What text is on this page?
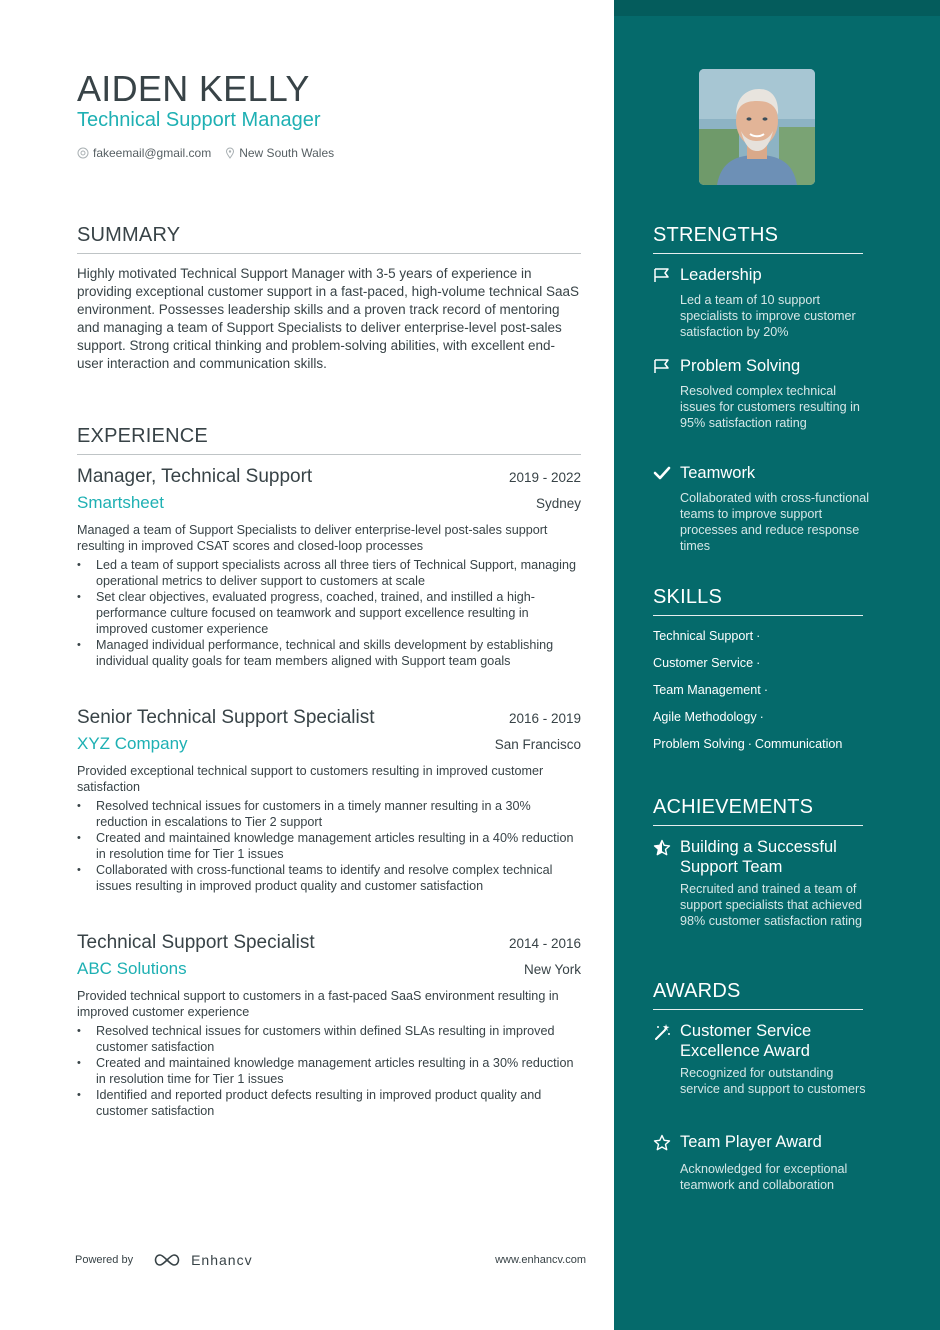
AIDEN KELLY
Technical Support Manager
fakeemail@gmail.com New South Wales
SUMMARY
Highly motivated Technical Support Manager with 3-5 years of experience in providing exceptional customer support in a fast-paced, high-volume technical SaaS environment. Possesses leadership skills and a proven track record of mentoring and managing a team of Support Specialists to deliver enterprise-level post-sales support. Strong critical thinking and problem-solving abilities, with excellent end-user interaction and communication skills.
EXPERIENCE
Manager, Technical Support	2019 - 2022
Smartsheet	Sydney
Managed a team of Support Specialists to deliver enterprise-level post-sales support resulting in improved CSAT scores and closed-loop processes
• Led a team of support specialists across all three tiers of Technical Support, managing operational metrics to deliver support to customers at scale
• Set clear objectives, evaluated progress, coached, trained, and instilled a high-performance culture focused on teamwork and support excellence resulting in improved customer experience
• Managed individual performance, technical and skills development by establishing individual quality goals for team members aligned with Support team goals
Senior Technical Support Specialist	2016 - 2019
XYZ Company	San Francisco
Provided exceptional technical support to customers resulting in improved customer satisfaction
• Resolved technical issues for customers in a timely manner resulting in a 30% reduction in escalations to Tier 2 support
• Created and maintained knowledge management articles resulting in a 40% reduction in resolution time for Tier 1 issues
• Collaborated with cross-functional teams to identify and resolve complex technical issues resulting in improved product quality and customer satisfaction
Technical Support Specialist	2014 - 2016
ABC Solutions	New York
Provided technical support to customers in a fast-paced SaaS environment resulting in improved customer experience
• Resolved technical issues for customers within defined SLAs resulting in improved customer satisfaction
• Created and maintained knowledge management articles resulting in a 30% reduction in resolution time for Tier 1 issues
• Identified and reported product defects resulting in improved product quality and customer satisfaction
Powered by	Enhancv	www.enhancv.com
STRENGTHS
Leadership
Led a team of 10 support specialists to improve customer satisfaction by 20%
Problem Solving
Resolved complex technical issues for customers resulting in 95% satisfaction rating
Teamwork
Collaborated with cross-functional teams to improve support processes and reduce response times
SKILLS
Technical Support ·
Customer Service ·
Team Management ·
Agile Methodology ·
Problem Solving · Communication
ACHIEVEMENTS
Building a Successful Support Team
Recruited and trained a team of support specialists that achieved 98% customer satisfaction rating
AWARDS
Customer Service Excellence Award
Recognized for outstanding service and support to customers
Team Player Award
Acknowledged for exceptional teamwork and collaboration
